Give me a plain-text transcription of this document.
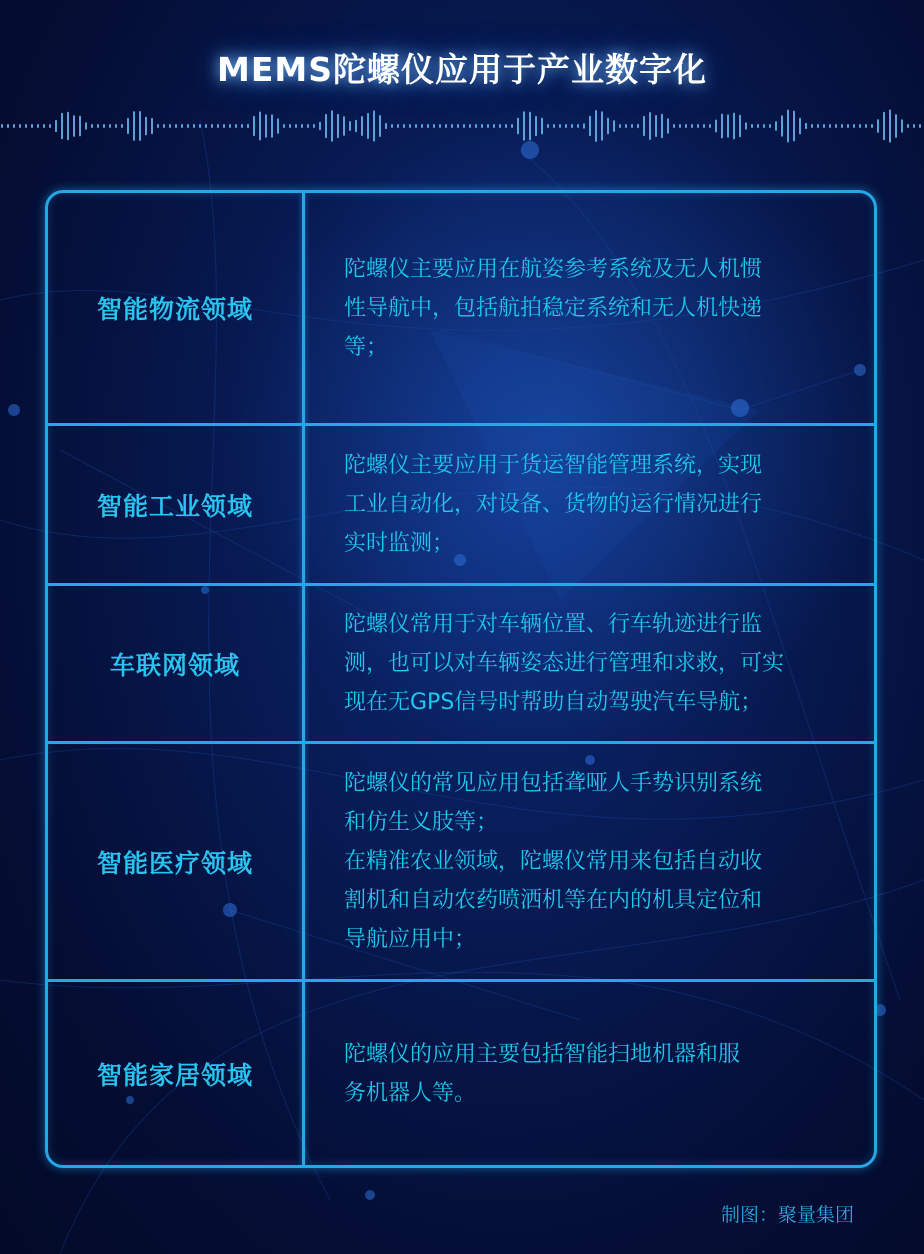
MEMS陀螺仪应用于产业数字化
智能物流领域
陀螺仪主要应用在航姿参考系统及无人机惯
性导航中，包括航拍稳定系统和无人机快递
等；
智能工业领域
陀螺仪主要应用于货运智能管理系统，实现
工业自动化，对设备、货物的运行情况进行
实时监测；
车联网领域
陀螺仪常用于对车辆位置、行车轨迹进行监
测，也可以对车辆姿态进行管理和求救，可实
现在无GPS信号时帮助自动驾驶汽车导航；
智能医疗领域
陀螺仪的常见应用包括聋哑人手势识别系统
和仿生义肢等；
在精准农业领域，陀螺仪常用来包括自动收
割机和自动农药喷洒机等在内的机具定位和
导航应用中；
智能家居领域
陀螺仪的应用主要包括智能扫地机器和服
务机器人等。
制图：聚量集团
